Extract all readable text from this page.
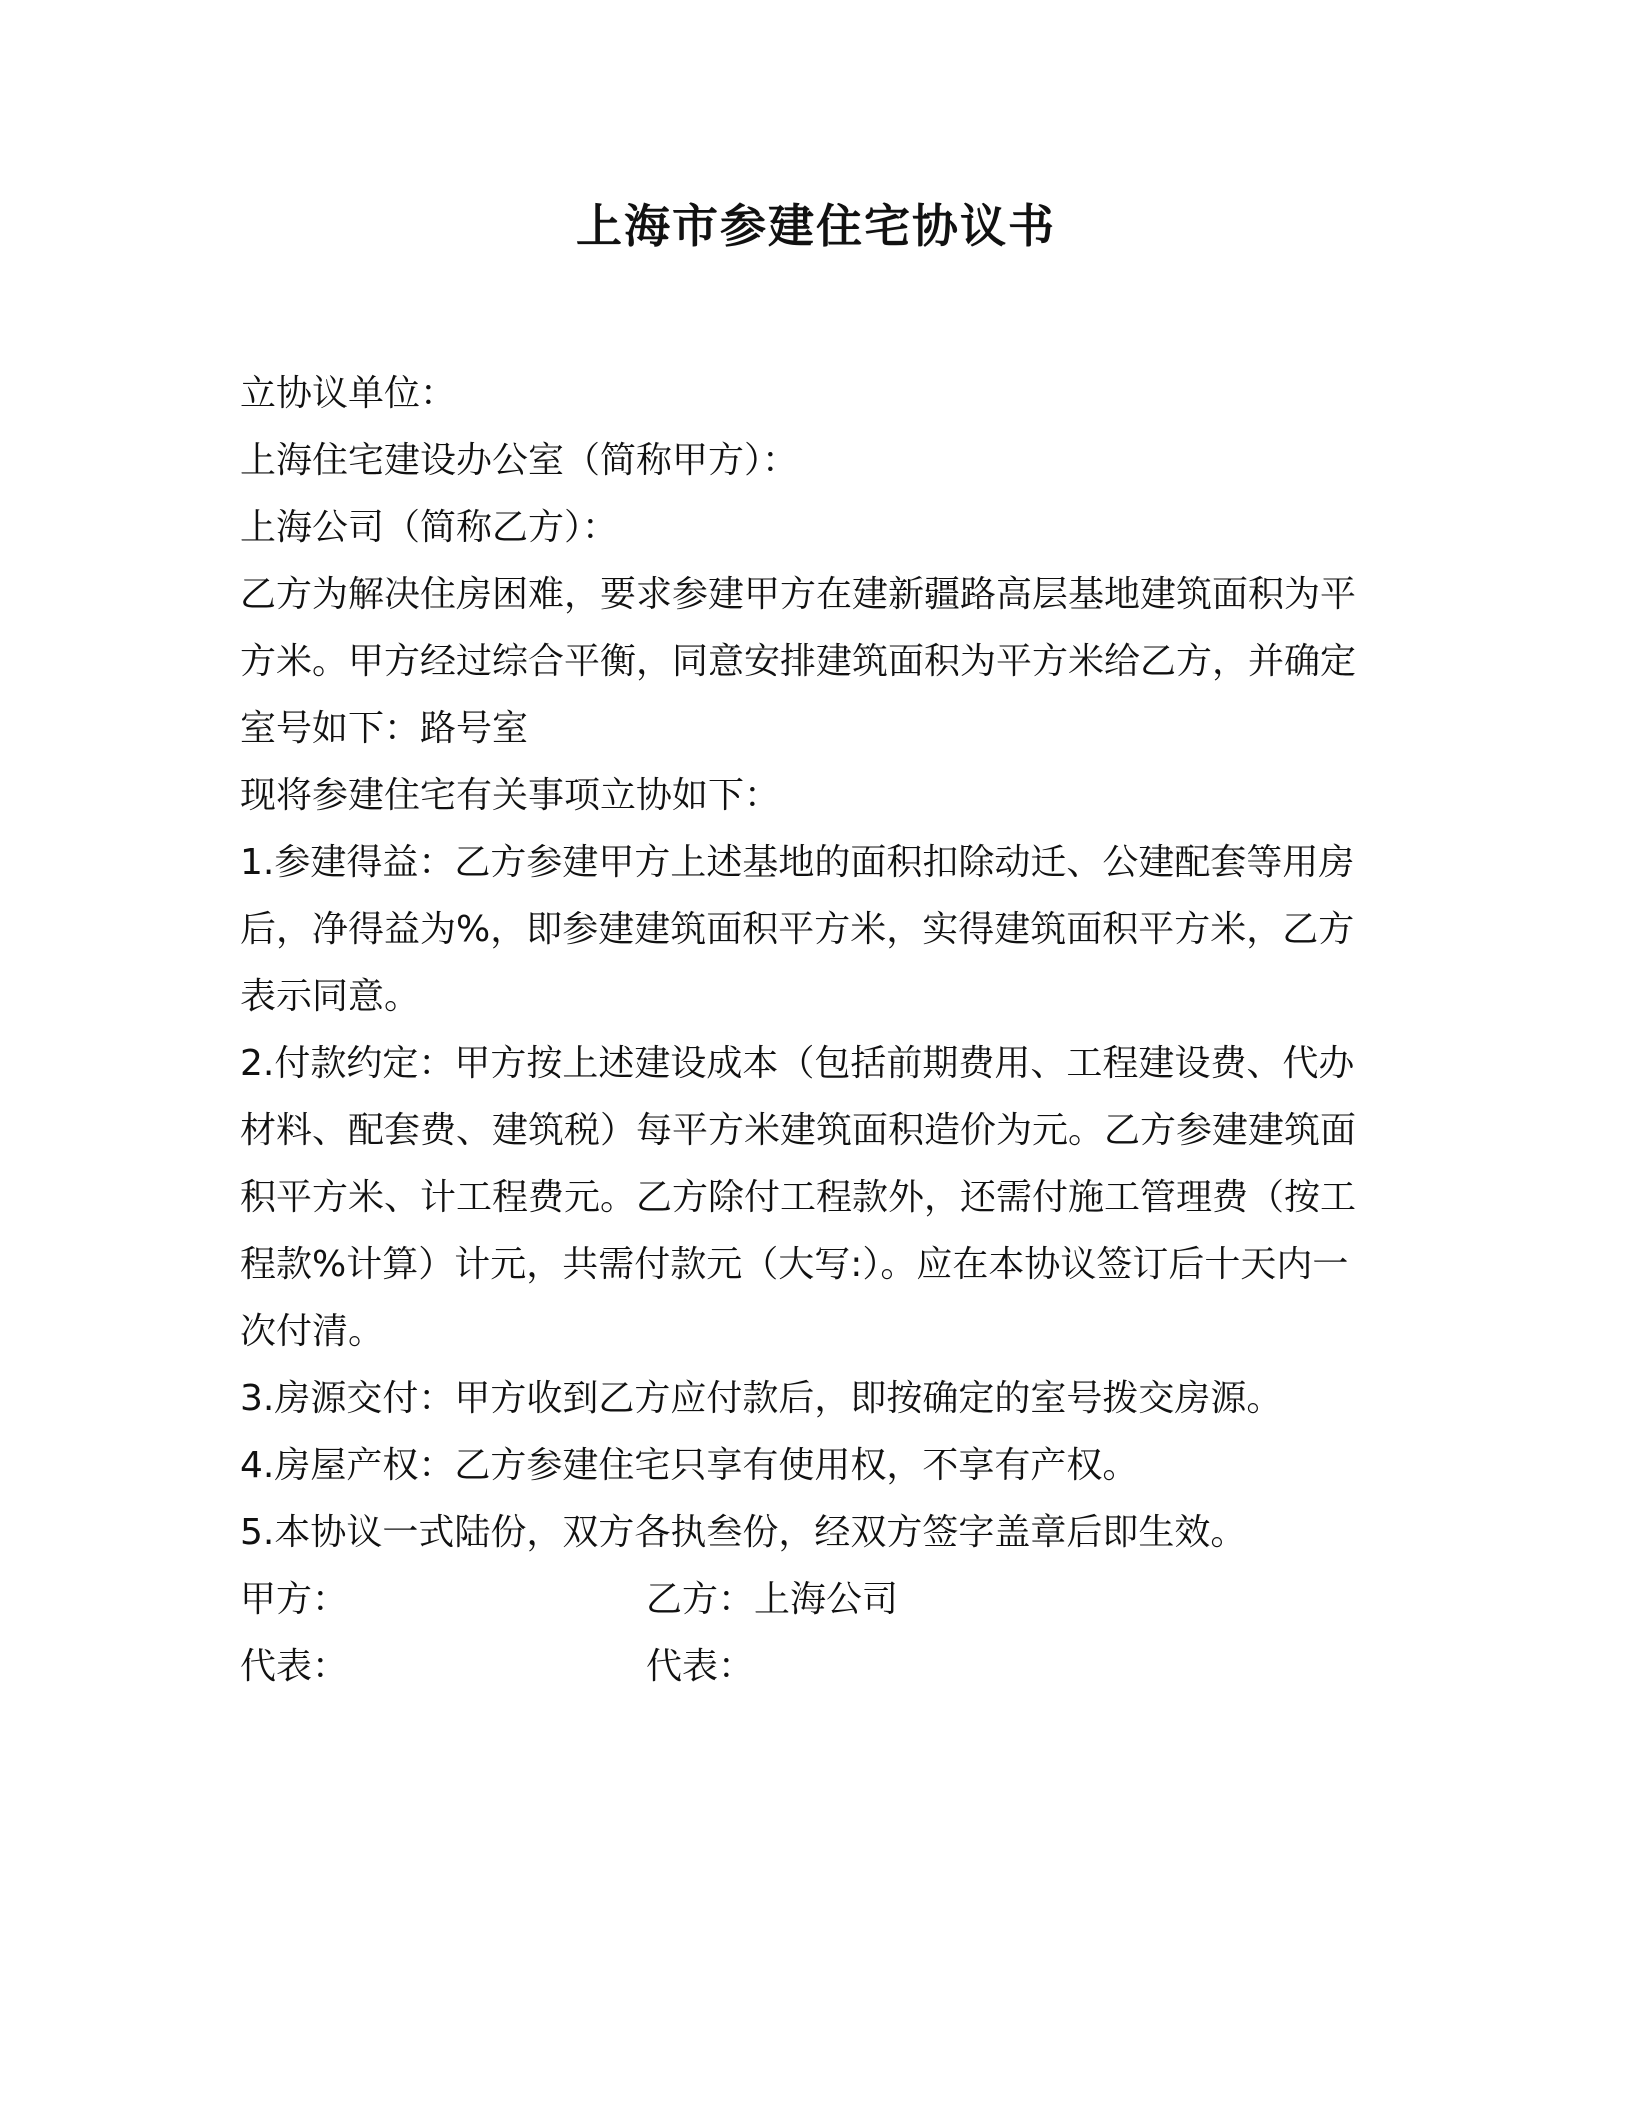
上海市参建住宅协议书

立协议单位：

上海住宅建设办公室（简称甲方）：

上海公司（简称乙方）：

乙方为解决住房困难，要求参建甲方在建新疆路高层基地建筑面积为平

方米。甲方经过综合平衡，同意安排建筑面积为平方米给乙方，并确定

室号如下：路号室

现将参建住宅有关事项立协如下：

1.参建得益：乙方参建甲方上述基地的面积扣除动迁、公建配套等用房

后，净得益为%，即参建建筑面积平方米，实得建筑面积平方米，乙方

表示同意。

2.付款约定：甲方按上述建设成本（包括前期费用、工程建设费、代办

材料、配套费、建筑税）每平方米建筑面积造价为元。乙方参建建筑面

积平方米、计工程费元。乙方除付工程款外，还需付施工管理费（按工

程款%计算）计元，共需付款元（大写:）。应在本协议签订后十天内一

次付清。

3.房源交付：甲方收到乙方应付款后，即按确定的室号拨交房源。

4.房屋产权：乙方参建住宅只享有使用权，不享有产权。

5.本协议一式陆份，双方各执叁份，经双方签字盖章后即生效。

甲方：	乙方：上海公司
代表：	代表：
